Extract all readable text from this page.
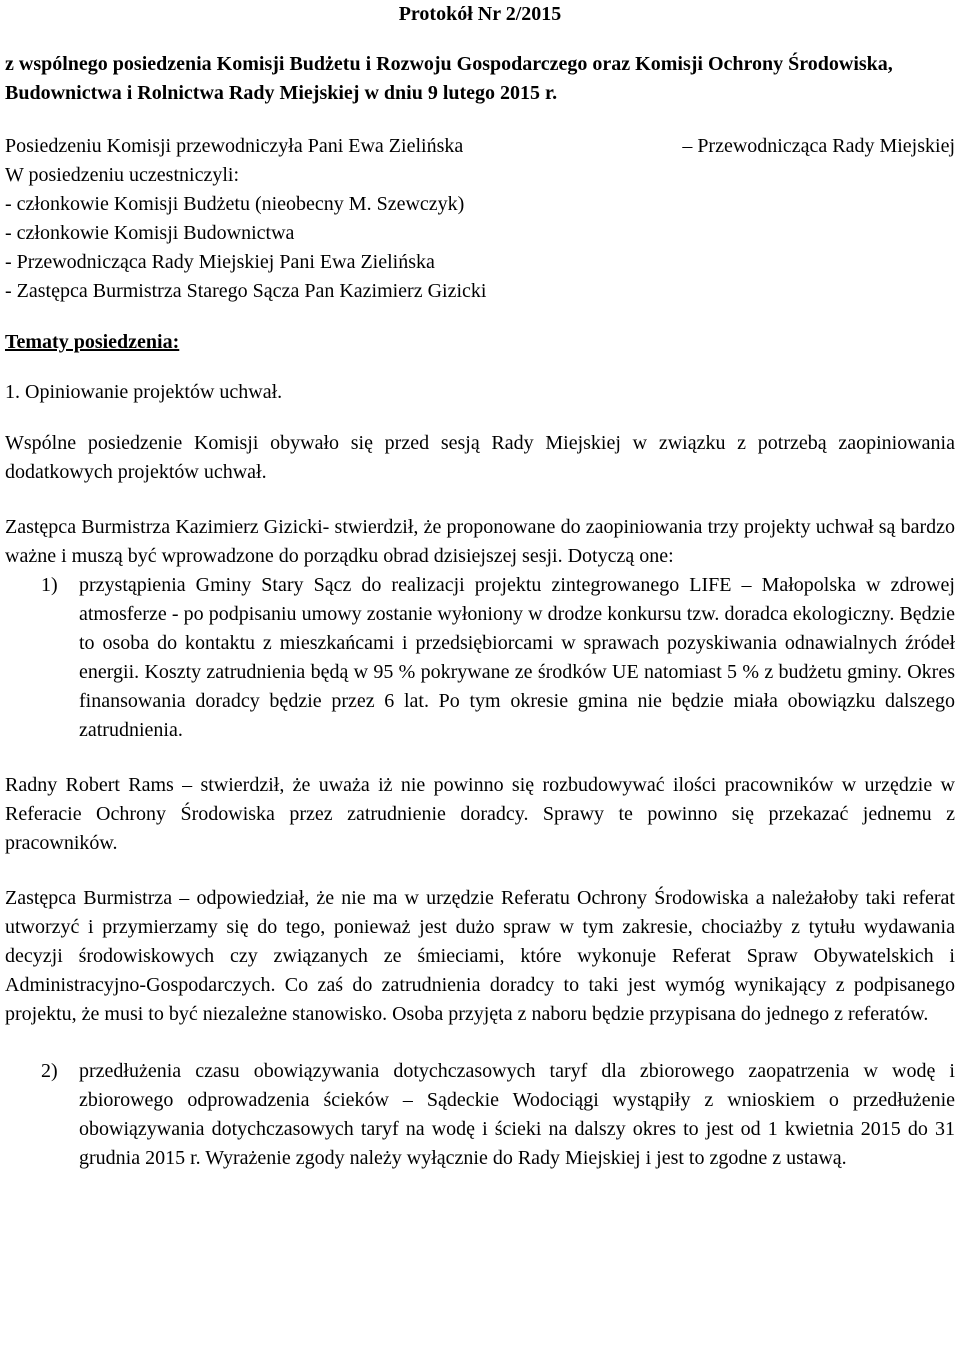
Protokół Nr 2/2015

z wspólnego posiedzenia Komisji Budżetu i Rozwoju Gospodarczego oraz Komisji Ochrony Środowiska, Budownictwa i Rolnictwa Rady Miejskiej w dniu 9 lutego 2015 r.

Posiedzeniu Komisji przewodniczyła Pani Ewa Zielińska	– Przewodnicząca Rady Miejskiej

W posiedzeniu uczestniczyli:

- członkowie Komisji Budżetu (nieobecny M. Szewczyk)

- członkowie Komisji Budownictwa

- Przewodnicząca Rady Miejskiej Pani Ewa Zielińska

- Zastępca Burmistrza Starego Sącza Pan Kazimierz Gizicki

Tematy posiedzenia:

1. Opiniowanie projektów uchwał.

Wspólne posiedzenie Komisji obywało się przed sesją Rady Miejskiej w związku z potrzebą zaopiniowania dodatkowych projektów uchwał.

Zastępca Burmistrza Kazimierz Gizicki- stwierdził, że proponowane do zaopiniowania trzy projekty uchwał są bardzo ważne i muszą być wprowadzone do porządku obrad dzisiejszej sesji. Dotyczą one:

1) przystąpienia Gminy Stary Sącz do realizacji projektu zintegrowanego LIFE – Małopolska w zdrowej atmosferze - po podpisaniu umowy zostanie wyłoniony w drodze konkursu tzw. doradca ekologiczny. Będzie to osoba do kontaktu z mieszkańcami i przedsiębiorcami w sprawach pozyskiwania odnawialnych źródeł energii. Koszty zatrudnienia będą w 95 % pokrywane ze środków UE natomiast 5 % z budżetu gminy. Okres finansowania doradcy będzie przez 6 lat. Po tym okresie gmina nie będzie miała obowiązku dalszego zatrudnienia.

Radny Robert Rams – stwierdził, że uważa iż nie powinno się rozbudowywać ilości pracowników w urzędzie w Referacie Ochrony Środowiska przez zatrudnienie doradcy. Sprawy te powinno się przekazać jednemu z pracowników.

Zastępca Burmistrza – odpowiedział, że nie ma w urzędzie Referatu Ochrony Środowiska a należałoby taki referat utworzyć i przymierzamy się do tego, ponieważ jest dużo spraw w tym zakresie, chociażby z tytułu wydawania decyzji środowiskowych czy związanych ze śmieciami, które wykonuje Referat Spraw Obywatelskich i Administracyjno-Gospodarczych. Co zaś do zatrudnienia doradcy to taki jest wymóg wynikający z podpisanego projektu, że musi to być niezależne stanowisko. Osoba przyjęta z naboru będzie przypisana do jednego z referatów.

2) przedłużenia czasu obowiązywania dotychczasowych taryf dla zbiorowego zaopatrzenia w wodę i zbiorowego odprowadzenia ścieków – Sądeckie Wodociągi wystąpiły z wnioskiem o przedłużenie obowiązywania dotychczasowych taryf na wodę i ścieki na dalszy okres to jest od 1 kwietnia 2015 do 31 grudnia 2015 r. Wyrażenie zgody należy wyłącznie do Rady Miejskiej i jest to zgodne z ustawą.
